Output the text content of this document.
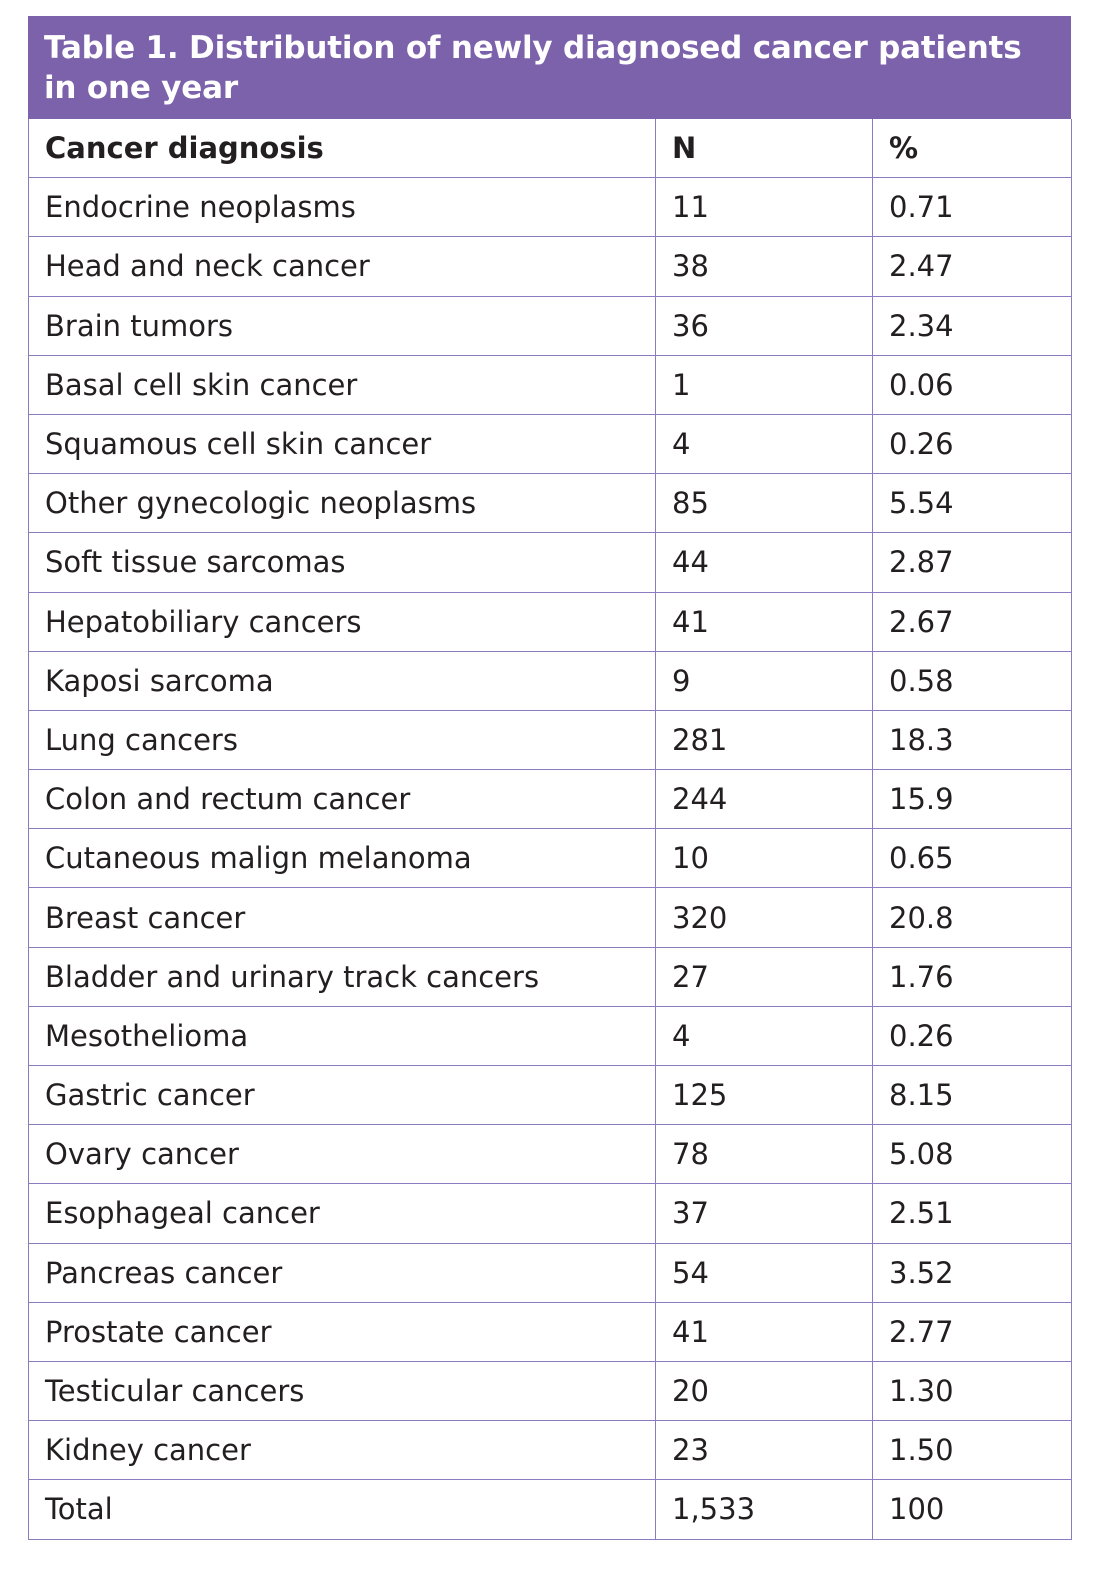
Table 1. Distribution of newly diagnosed cancer patients in one year
Cancer diagnosis	N	%
Endocrine neoplasms	11	0.71
Head and neck cancer	38	2.47
Brain tumors	36	2.34
Basal cell skin cancer	1	0.06
Squamous cell skin cancer	4	0.26
Other gynecologic neoplasms	85	5.54
Soft tissue sarcomas	44	2.87
Hepatobiliary cancers	41	2.67
Kaposi sarcoma	9	0.58
Lung cancers	281	18.3
Colon and rectum cancer	244	15.9
Cutaneous malign melanoma	10	0.65
Breast cancer	320	20.8
Bladder and urinary track cancers	27	1.76
Mesothelioma	4	0.26
Gastric cancer	125	8.15
Ovary cancer	78	5.08
Esophageal cancer	37	2.51
Pancreas cancer	54	3.52
Prostate cancer	41	2.77
Testicular cancers	20	1.30
Kidney cancer	23	1.50
Total	1,533	100
